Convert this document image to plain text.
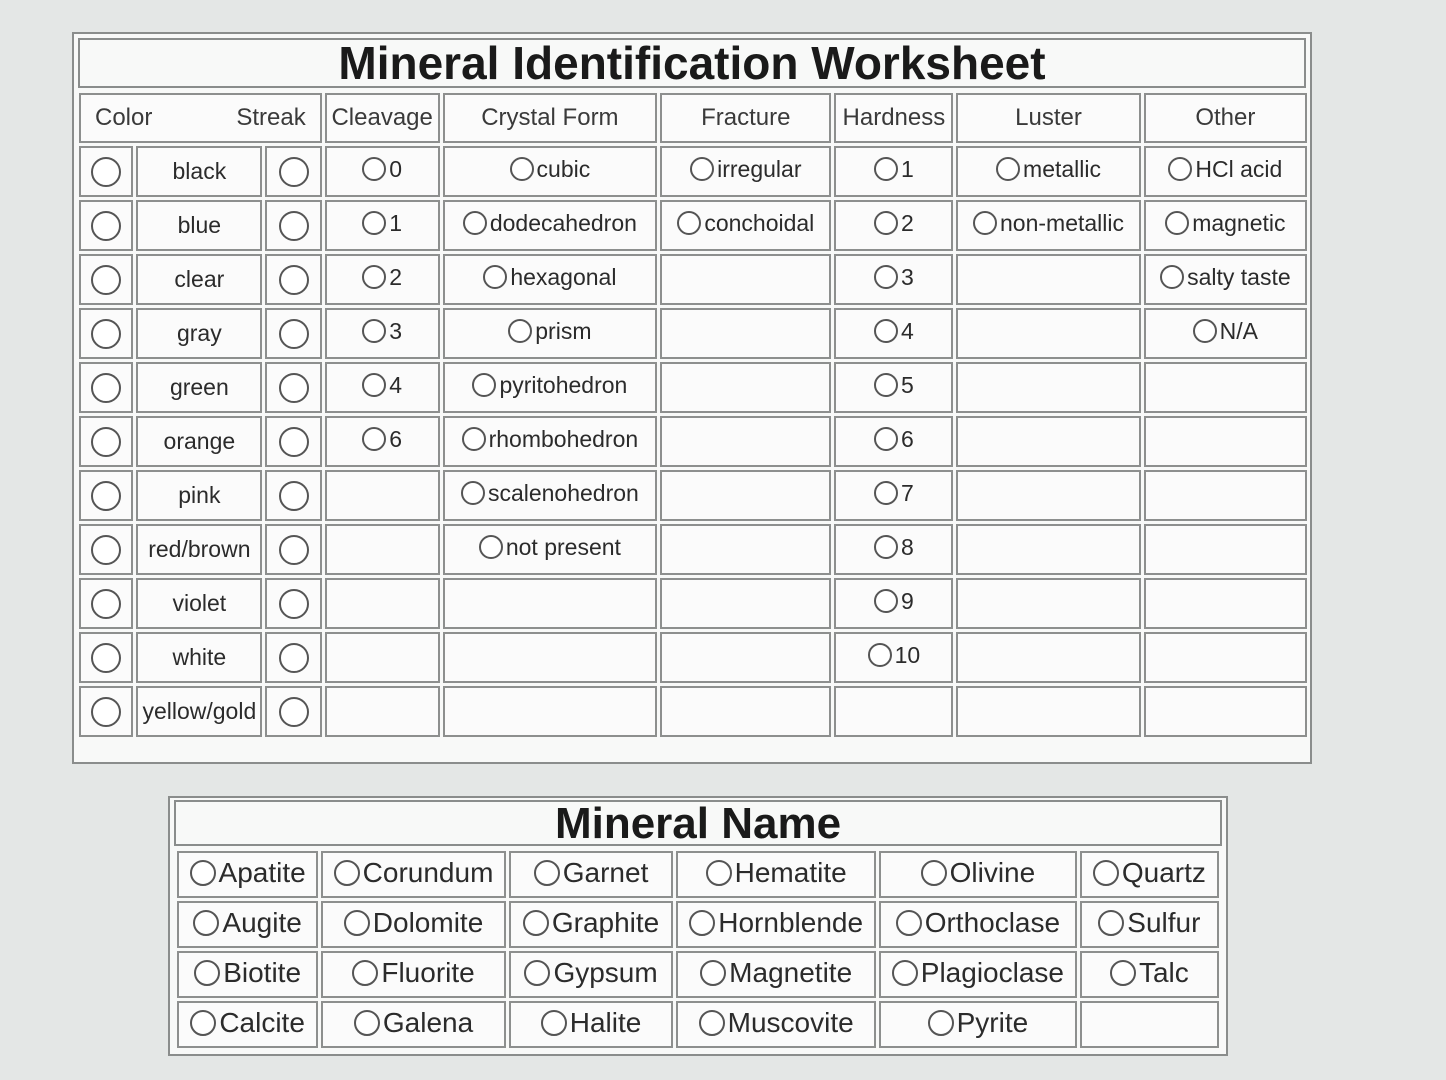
Mineral Identification Worksheet
Color Streak			Cleavage	Crystal Form	Fracture	Hardness	Luster	Other
	black		0	cubic	irregular	1	metallic	HCl acid

	blue		1	dodecahedron	conchoidal	2	non-metallic	magnetic

	clear		2	hexagonal		3		salty taste

	gray		3	prism		4		N/A

	green		4	pyritohedron		5		

	orange		6	rhombohedron		6		

	pink			scalenohedron		7		

	red/brown			not present		8		

	violet					9		

	white					10		

	yellow/gold							
Mineral Name
Apatite	Corundum	Garnet	Hematite	Olivine	Quartz

Augite	Dolomite	Graphite	Hornblende	Orthoclase	Sulfur

Biotite	Fluorite	Gypsum	Magnetite	Plagioclase	Talc

Calcite	Galena	Halite	Muscovite	Pyrite	
